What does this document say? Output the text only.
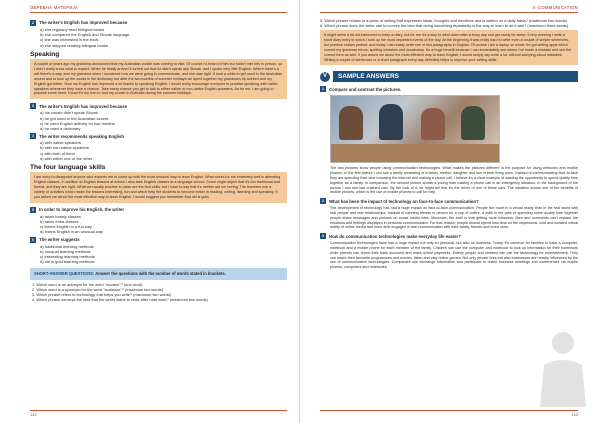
ОБРЕБНА МАТЕРИЈА
2	The writer's English has improved because
a) she regularly read bilingual books
b) she compared the English and Slovak language
c) she was interested in the book
d) she skipped reading bilingual books
Speaking
A couple of years ago my grandma announced that my Australian cousin was coming to visit. Of course I'd heard of him but hadn't met him in person, so I didn't really know what to expect. When he finally arrived it turned out that he didn't speak any Slovak, and I spoke very little English. Where there's a will there's a way, and my grandma when I wondered how we were going to communicate, and she was right. It took a while to get used to the Australian accent and to look up the words in the dictionary but after the two months of summer holidays we spent together my grandma's tip worked and my English got better. Now my English has improved a lot thanks to speaking English. I would really encourage everyone to practise speaking with native speakers whenever they have a chance. Take every chance you get to talk to either native or non-native English speakers. As for me, I am going to practise some more. Know it's my turn to visit my cousin in Australia during the summer holidays.
3	The writer's English has improved because
a) his cousin didn't speak Slovak
b) he got used to the Australian accent
c) he used English actively for two months
d) he used a dictionary
4	The writer recommends speaking English
a) with native speakers
b) with non-native speakers
c) with both of them
d) with either one or the other
The four language skills
I am sorry to disappoint anyone who expects me to come up with the most unusual way to learn English. What works for me extremely well is attending English classes. In addition to English lessons at school I also take English classes at a language school. Some might object that it's too traditional and formal, and they are right. What we usually practise in class are the four skills, but I have to say that it's neither old nor boring. The teachers use a variety of activities which make the lessons interesting, fun and which help the students to become better in reading, writing, listening and speaking. If you asked me about the most effective way to learn English, I would suggest you remember that old is gold.
5	In order to improve his English, the writer
a) takes boring classes
b) takes extra classes
c) learns English in a fun way
d) learns English in an unusual way
6	The writer suggests
a) traditional learning methods
b) unusual learning methods
c) interesting learning methods
d) old is gold learning methods
SHORT-ANSWER QUESTIONS: Answer the questions with the number of words stated in brackets.
1. Which word is an antonym for the word "modern"? (one word)
2. Which word is a synonym for the word "audience"? (maximum two words)
3. Which phrase refers to technology that helps you write? (maximum two words)
4. Which phrase conveys the idea that the writer starts to relax after hard work? (maximum two words)
142
V. COMMUNICATION
5. Which phrase relates to a piece of writing that expresses ideas, thoughts and emotions and is written on a daily basis? (maximum two words)
6. Which phrase does the writer use to convey the idea that doing something repeatedly is the way to learn to do it well? (maximum three words)
It might seem a bit old-fashioned to keep a diary, but for me it's a way to wind down after a busy day and get ready for sleep. Every evening I write a short diary entry in which I sum up the most important events of the day. At the beginning it was really hard to write even a couple of simple sentences, but practice makes perfect, and today I can easily write one or two paragraphs in English. Of course I am a laptop so whole I'm got writing apps which correct my grammar errors, spelling mistakes and vocabulary. It's a huge benefit because I can immediately see where I've made a mistake and see the correct form as well. If you asked me about the most effective way to learn English, I would simply say write a lot, without worrying about mistakes. Writing a couple of sentences or a short paragraph every day definitely helps to improve your writing skills.
V	SAMPLE ANSWERS
1	Compare and contrast the pictures.
The two pictures show people using communication technologies. What makes the pictures different is the purpose for using networks and mobile phones. In the first picture I can see a family consisting of a father, mother, daughter and son in their living room. Instead of communicating face-to-face they are spending their time browsing the internet and making a phone call. I believe it's a clear example of wasting the opportunity to spend quality time together as a family. In comparison, the second picture shows a young man making a phone call in an emergency situation. In the background of the picture I can see two crashed cars. By the look of it, he might tell that it's the driver of one of these cars. The situation shows one of the benefits of mobile phones, which is the use of mobile phones to call for help.
2	What has been the impact of technology on face-to-face communication?
The development of technology has had a huge impact on face-to-face communication. People live more in a virtual reality than in the real world with real people and real relationships. Instead of meeting friends in person for a cup of coffee, a walk in the park or spending some quality time together people share messages and pictures on social media sites. Moreover, the truth is that getting more followers, likes and comments can't replace the emotions and feelings displayed in personal communication. For that reason, people should spend less time on the impersonal, cold and isolated virtual reality of online media and more time engaged in real communication with their family, friends and loved ones.
3	How do communication technologies make everyday life easier?
Communication technologies have had a huge impact not only on personal, but also on business. Today, it's common for families to have a computer, notebook and a mobile phone for each member of the family. Children can use the computer and notebook to look up information for their homework while parents can check their bank accounts and make online payments. Elderly people and children can use the technology for entertainment. They can watch their favourite programmes and movies, listen and play online games. Not only private lives but also businesses are heavily influenced by the use of communication technologies. Companies can exchange information and participate in online business meetings and conferences via mobile phones, computers and notebooks.
143
